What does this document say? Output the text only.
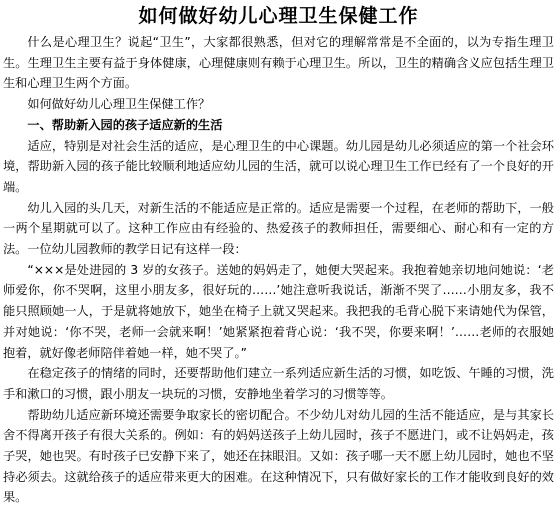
如何做好幼儿心理卫生保健工作

什么是心理卫生？说起“卫生”，大家都很熟悉，但对它的理解常常是不全面的，以为专指生理卫生。生理卫生主要有益于身体健康，心理健康则有赖于心理卫生。所以，卫生的精确含义应包括生理卫生和心理卫生两个方面。

如何做好幼儿心理卫生保健工作？

一、帮助新入园的孩子适应新的生活

适应，特别是对社会生活的适应，是心理卫生的中心课题。幼儿园是幼儿必须适应的第一个社会环境，帮助新入园的孩子能比较顺利地适应幼儿园的生活，就可以说心理卫生工作已经有了一个良好的开端。

幼儿入园的头几天，对新生活的不能适应是正常的。适应是需要一个过程，在老师的帮助下，一般一两个星期就可以了。这种工作应由有经验的、热爱孩子的教师担任，需要细心、耐心和有一定的方法。一位幼儿园教师的教学日记有这样一段：

“×××是处进园的 3 岁的女孩子。送她的妈妈走了，她便大哭起来。我抱着她亲切地问她说：‘老师爱你，你不哭啊，这里小朋友多，很好玩的……’她注意听我说话，渐渐不哭了……小朋友多，我不能只照顾她一人，于是就将她放下，她坐在椅子上就又哭起来。我把我的毛背心脱下来请她代为保管，并对她说：‘你不哭，老师一会就来啊！’她紧紧抱着背心说：‘我不哭，你要来啊！’……老师的衣服她抱着，就好像老师陪伴着她一样，她不哭了。”

在稳定孩子的情绪的同时，还要帮助他们建立一系列适应新生活的习惯，如吃饭、午睡的习惯，洗手和漱口的习惯，跟小朋友一块玩的习惯，安静地坐着学习的习惯等等。

帮助幼儿适应新环境还需要争取家长的密切配合。不少幼儿对幼儿园的生活不能适应，是与其家长舍不得离开孩子有很大关系的。例如：有的妈妈送孩子上幼儿园时，孩子不愿进门，或不让妈妈走，孩子哭，她也哭。有时孩子已安静下来了，她还在抹眼泪。又如：孩子哪一天不愿上幼儿园时，她也不坚持必须去。这就给孩子的适应带来更大的困难。在这种情况下，只有做好家长的工作才能收到良好的效果。
